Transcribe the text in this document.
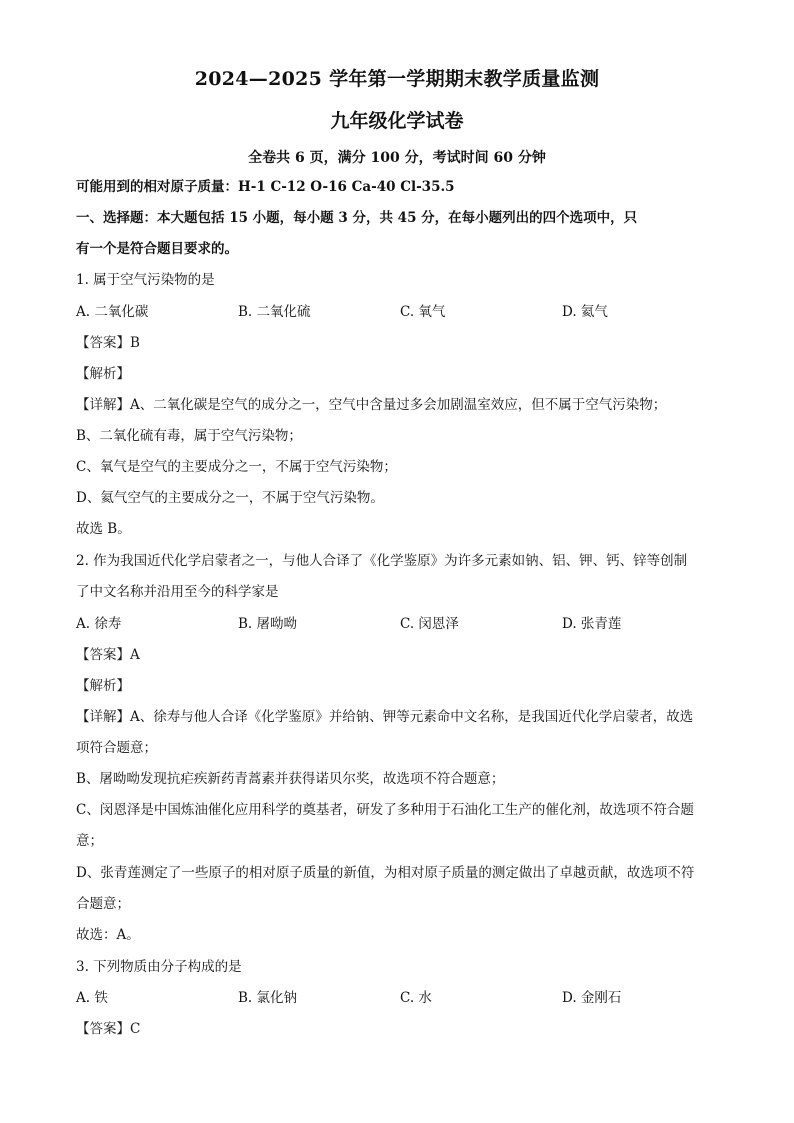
2024—2025 学年第一学期期末教学质量监测
九年级化学试卷
全卷共 6 页，满分 100 分，考试时间 60 分钟
可能用到的相对原子质量：H-1 C-12 O-16 Ca-40 Cl-35.5
一、选择题：本大题包括 15 小题，每小题 3 分，共 45 分，在每小题列出的四个选项中，只
有一个是符合题目要求的。
1. 属于空气污染物的是
A. 二氧化碳	B. 二氧化硫	C. 氧气	D. 氦气
【答案】B
【解析】
【详解】A、二氧化碳是空气的成分之一，空气中含量过多会加剧温室效应，但不属于空气污染物；
B、二氧化硫有毒，属于空气污染物；
C、氧气是空气的主要成分之一，不属于空气污染物；
D、氦气空气的主要成分之一，不属于空气污染物。
故选 B。
2. 作为我国近代化学启蒙者之一，与他人合译了《化学鉴原》为许多元素如钠、铝、钾、钙、锌等创制
了中文名称并沿用至今的科学家是
A. 徐寿	B. 屠呦呦	C. 闵恩泽	D. 张青莲
【答案】A
【解析】
【详解】A、徐寿与他人合译《化学鉴原》并给钠、钾等元素命中文名称，是我国近代化学启蒙者，故选
项符合题意；
B、屠呦呦发现抗疟疾新药青蒿素并获得诺贝尔奖，故选项不符合题意；
C、闵恩泽是中国炼油催化应用科学的奠基者，研发了多种用于石油化工生产的催化剂，故选项不符合题
意；
D、张青莲测定了一些原子的相对原子质量的新值，为相对原子质量的测定做出了卓越贡献，故选项不符
合题意；
故选：A。
3. 下列物质由分子构成的是
A. 铁	B. 氯化钠	C. 水	D. 金刚石
【答案】C
